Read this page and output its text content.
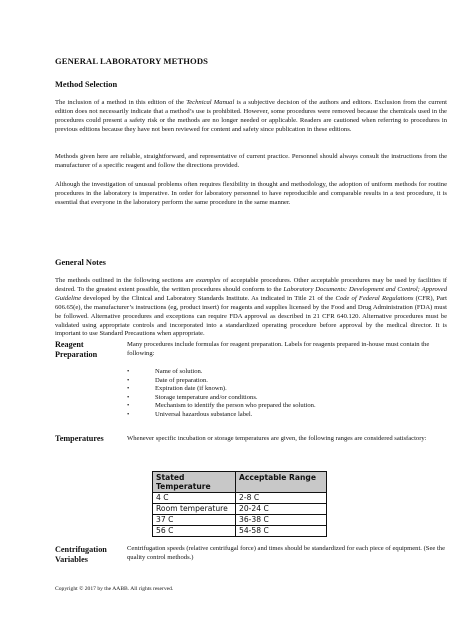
GENERAL LABORATORY METHODS
Method Selection
The inclusion of a method in this edition of the Technical Manual is a subjective decision of the authors and editors. Exclusion from the current edition does not necessarily indicate that a method’s use is prohibited. However, some procedures were removed because the chemicals used in the procedures could present a safety risk or the methods are no longer needed or applicable. Readers are cautioned when referring to procedures in previous editions because they have not been reviewed for content and safety since publication in these editions.
Methods given here are reliable, straightforward, and representative of current practice. Personnel should always consult the instructions from the manufacturer of a specific reagent and follow the directions provided.
Although the investigation of unusual problems often requires flexibility in thought and methodology, the adoption of uniform methods for routine procedures in the laboratory is imperative. In order for laboratory personnel to have reproducible and comparable results in a test procedure, it is essential that everyone in the laboratory perform the same procedure in the same manner.
General Notes
The methods outlined in the following sections are examples of acceptable procedures. Other acceptable procedures may be used by facilities if desired. To the greatest extent possible, the written procedures should conform to the Laboratory Documents: Development and Control; Approved Guideline developed by the Clinical and Laboratory Standards Institute. As indicated in Title 21 of the Code of Federal Regulations (CFR), Part 606.65(e), the manufacturer’s instructions (eg, product insert) for reagents and supplies licensed by the Food and Drug Administration (FDA) must be followed. Alternative procedures and exceptions can require FDA approval as described in 21 CFR 640.120. Alternative procedures must be validated using appropriate controls and incorporated into a standardized operating procedure before approval by the medical director. It is important to use Standard Precautions when appropriate.
Reagent Preparation
Many procedures include formulas for reagent preparation. Labels for reagents prepared in-house must contain the following:
•	Name of solution.
•	Date of preparation.
•	Expiration date (if known).
•	Storage temperature and/or conditions.
•	Mechanism to identify the person who prepared the solution.
•	Universal hazardous substance label.
Temperatures	Whenever specific incubation or storage temperatures are given, the following ranges are considered satisfactory:
Stated Temperature	Acceptable Range
4 C	2-8 C
Room temperature	20-24 C
37 C	36-38 C
56 C	54-58 C
Centrifugation Variables
Centrifugation speeds (relative centrifugal force) and times should be standardized for each piece of equipment. (See the quality control methods.)
Copyright © 2017 by the AABB. All rights reserved.
